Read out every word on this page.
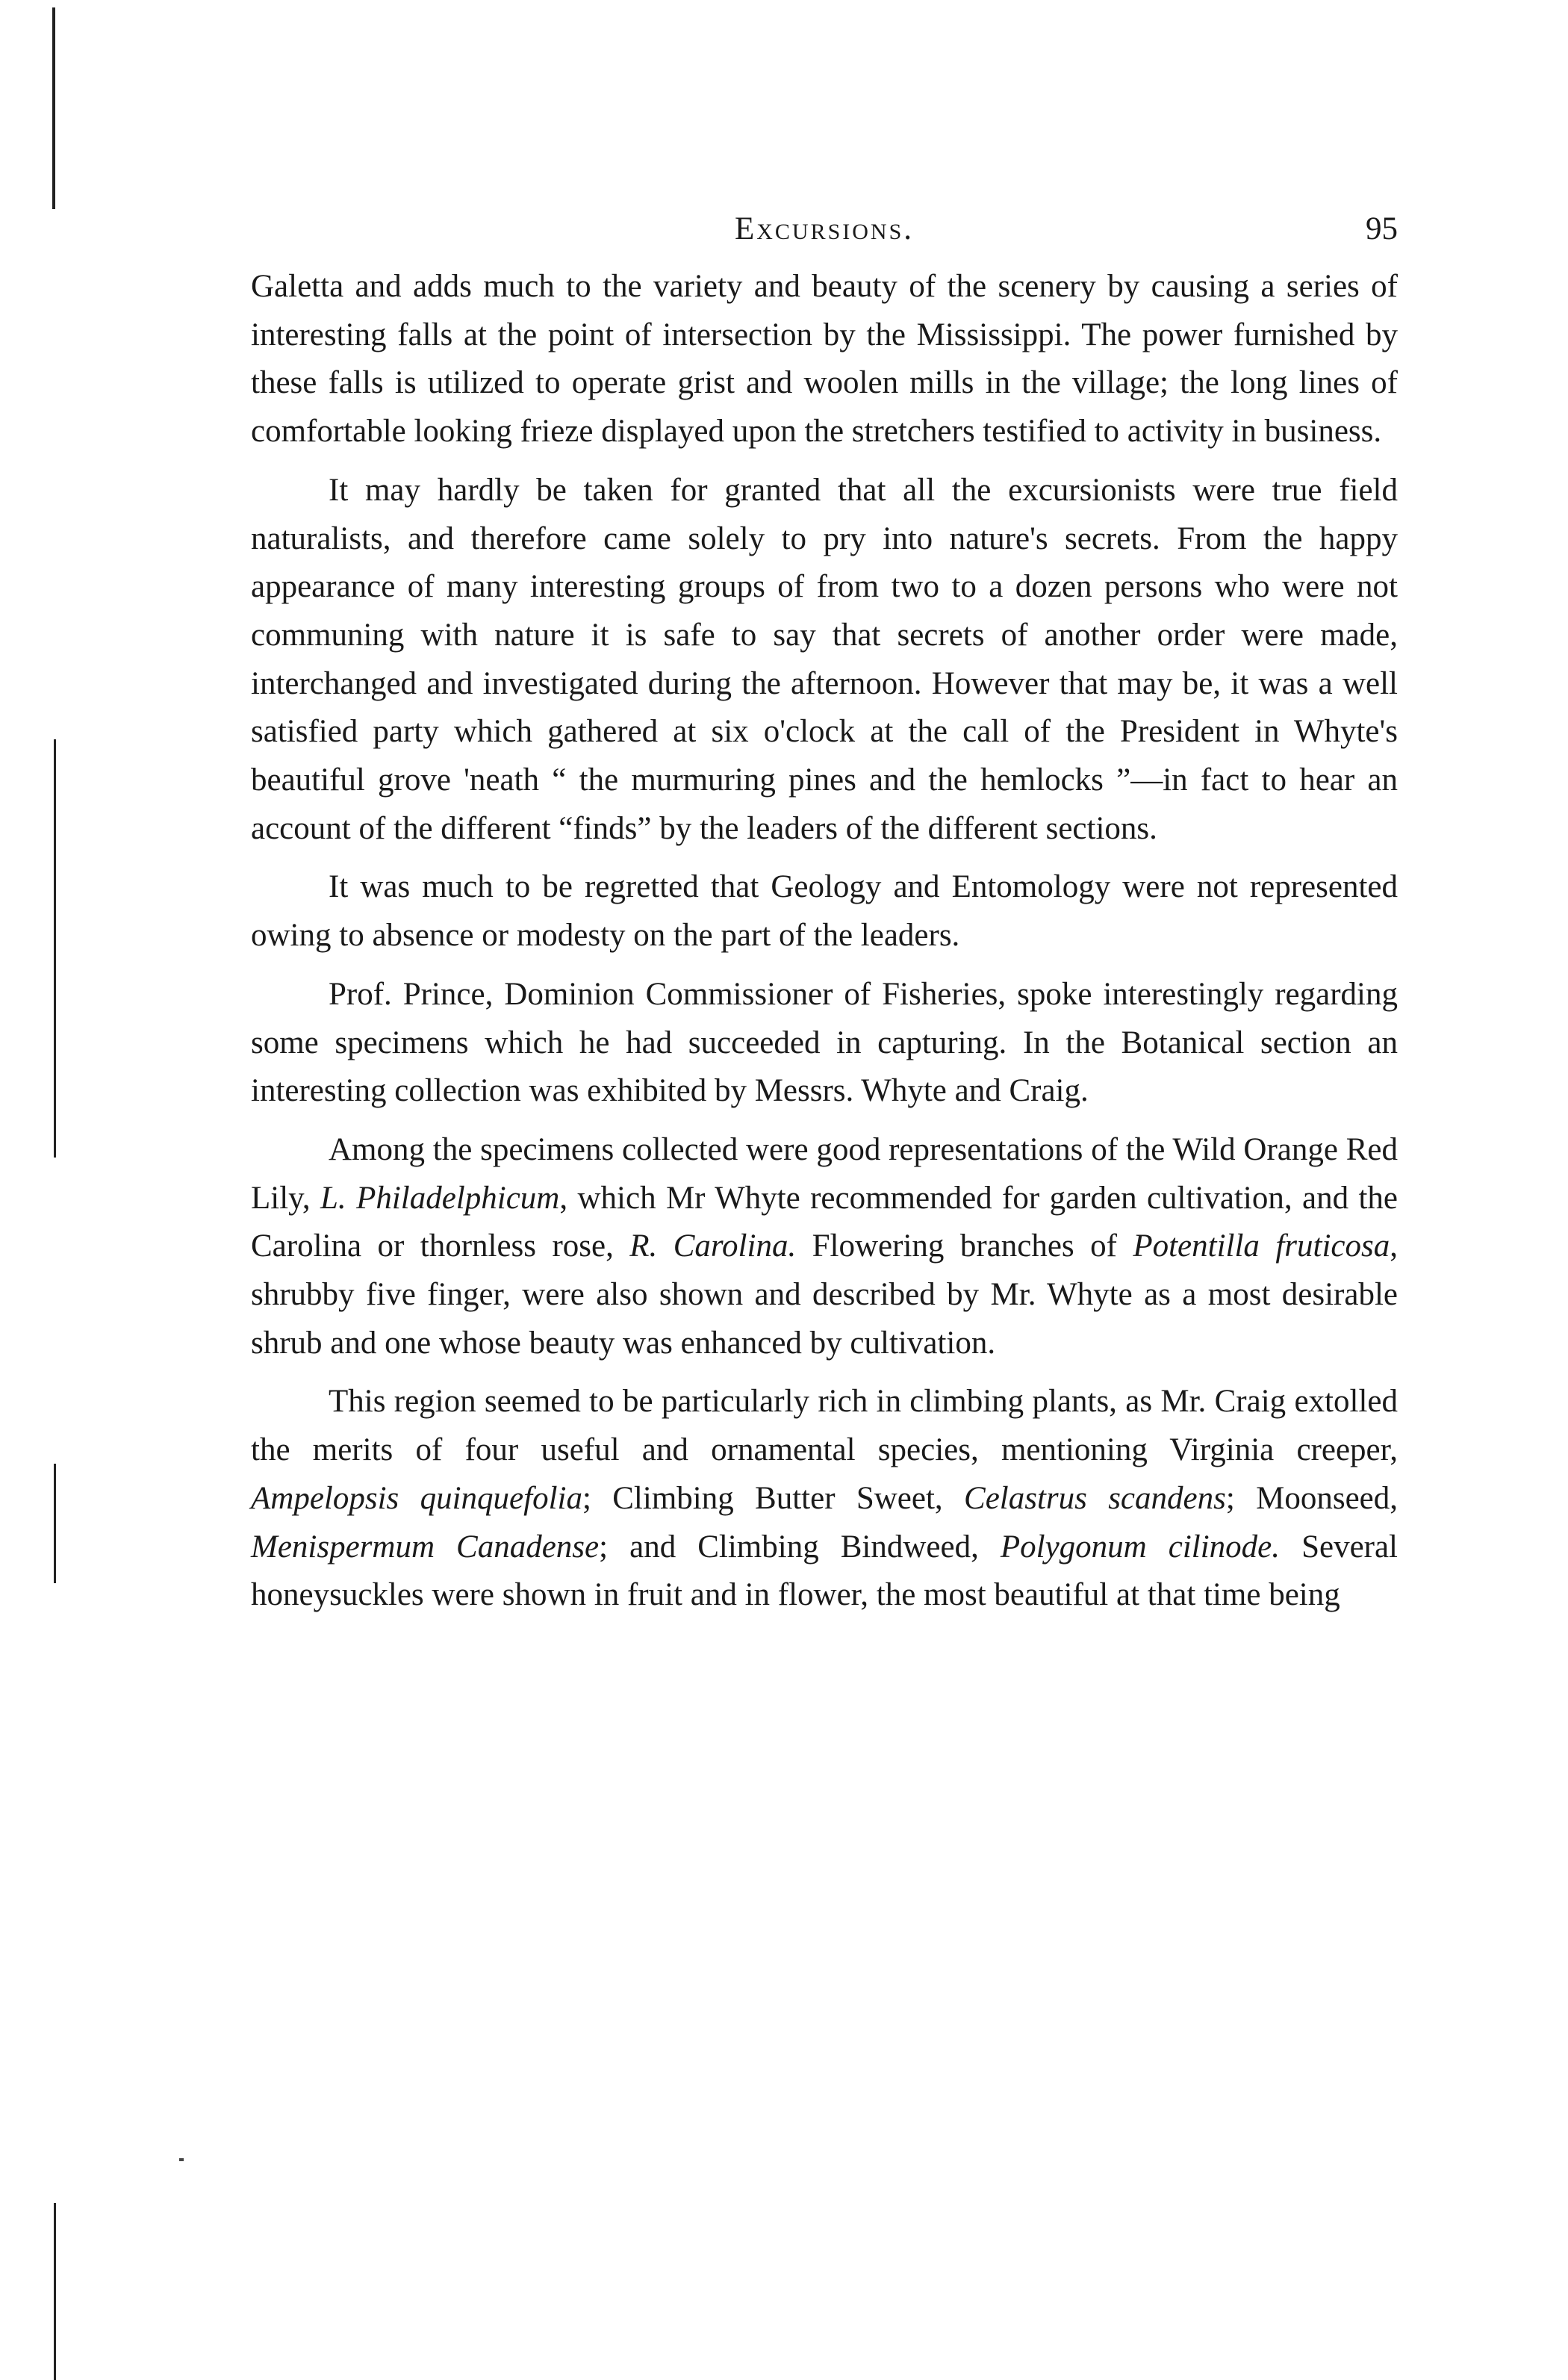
Excursions.	95

Galetta and adds much to the variety and beauty of the scenery by causing a series of interesting falls at the point of intersection by the Mississippi. The power furnished by these falls is utilized to operate grist and woolen mills in the village; the long lines of comfortable looking frieze displayed upon the stretchers testified to activity in business.

It may hardly be taken for granted that all the excursionists were true field naturalists, and therefore came solely to pry into nature's secrets. From the happy appearance of many interesting groups of from two to a dozen persons who were not communing with nature it is safe to say that secrets of another order were made, interchanged and investigated during the afternoon. However that may be, it was a well satisfied party which gathered at six o'clock at the call of the President in Whyte's beautiful grove 'neath “ the murmuring pines and the hemlocks ”—in fact to hear an account of the different “finds” by the leaders of the different sections.

It was much to be regretted that Geology and Entomology were not represented owing to absence or modesty on the part of the leaders.

Prof. Prince, Dominion Commissioner of Fisheries, spoke interestingly regarding some specimens which he had succeeded in capturing. In the Botanical section an interesting collection was exhibited by Messrs. Whyte and Craig.

Among the specimens collected were good representations of the Wild Orange Red Lily, L. Philadelphicum, which Mr Whyte recommended for garden cultivation, and the Carolina or thornless rose, R. Carolina. Flowering branches of Potentilla fruticosa, shrubby five finger, were also shown and described by Mr. Whyte as a most desirable shrub and one whose beauty was enhanced by cultivation.

This region seemed to be particularly rich in climbing plants, as Mr. Craig extolled the merits of four useful and ornamental species, mentioning Virginia creeper, Ampelopsis quinquefolia; Climbing Butter Sweet, Celastrus scandens; Moonseed, Menispermum Canadense; and Climbing Bindweed, Polygonum cilinode. Several honeysuckles were shown in fruit and in flower, the most beautiful at that time being
